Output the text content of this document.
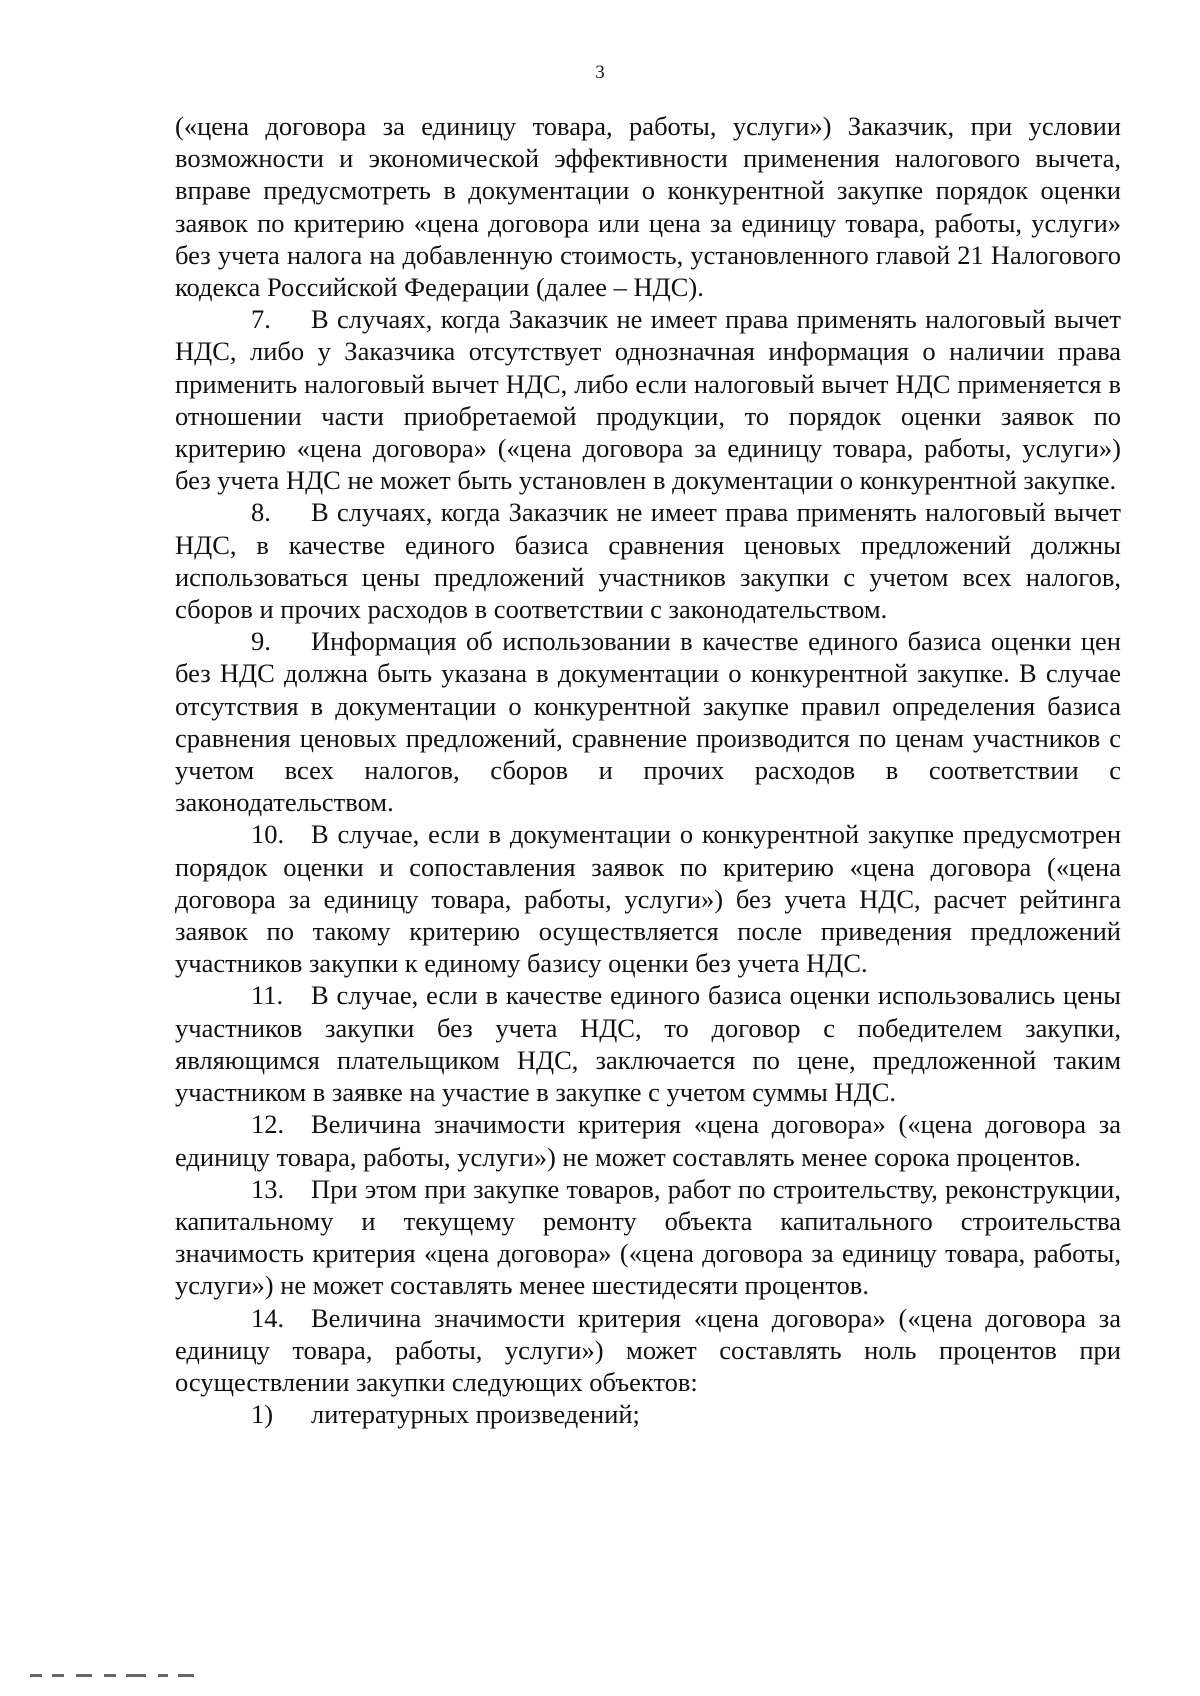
3

(«цена договора за единицу товара, работы, услуги») Заказчик, при условии возможности и экономической эффективности применения налогового вычета, вправе предусмотреть в документации о конкурентной закупке порядок оценки заявок по критерию «цена договора или цена за единицу товара, работы, услуги» без учета налога на добавленную стоимость, установленного главой 21 Налогового кодекса Российской Федерации (далее – НДС).

7. В случаях, когда Заказчик не имеет права применять налоговый вычет НДС, либо у Заказчика отсутствует однозначная информация о наличии права применить налоговый вычет НДС, либо если налоговый вычет НДС применяется в отношении части приобретаемой продукции, то порядок оценки заявок по критерию «цена договора» («цена договора за единицу товара, работы, услуги») без учета НДС не может быть установлен в документации о конкурентной закупке.

8. В случаях, когда Заказчик не имеет права применять налоговый вычет НДС, в качестве единого базиса сравнения ценовых предложений должны использоваться цены предложений участников закупки с учетом всех налогов, сборов и прочих расходов в соответствии с законодательством.

9. Информация об использовании в качестве единого базиса оценки цен без НДС должна быть указана в документации о конкурентной закупке. В случае отсутствия в документации о конкурентной закупке правил определения базиса сравнения ценовых предложений, сравнение производится по ценам участников с учетом всех налогов, сборов и прочих расходов в соответствии с законодательством.

10. В случае, если в документации о конкурентной закупке предусмотрен порядок оценки и сопоставления заявок по критерию «цена договора («цена договора за единицу товара, работы, услуги») без учета НДС, расчет рейтинга заявок по такому критерию осуществляется после приведения предложений участников закупки к единому базису оценки без учета НДС.

11. В случае, если в качестве единого базиса оценки использовались цены участников закупки без учета НДС, то договор с победителем закупки, являющимся плательщиком НДС, заключается по цене, предложенной таким участником в заявке на участие в закупке с учетом суммы НДС.

12. Величина значимости критерия «цена договора» («цена договора за единицу товара, работы, услуги») не может составлять менее сорока процентов.

13. При этом при закупке товаров, работ по строительству, реконструкции, капитальному и текущему ремонту объекта капитального строительства значимость критерия «цена договора» («цена договора за единицу товара, работы, услуги») не может составлять менее шестидесяти процентов.

14. Величина значимости критерия «цена договора» («цена договора за единицу товара, работы, услуги») может составлять ноль процентов при осуществлении закупки следующих объектов:

1) литературных произведений;
